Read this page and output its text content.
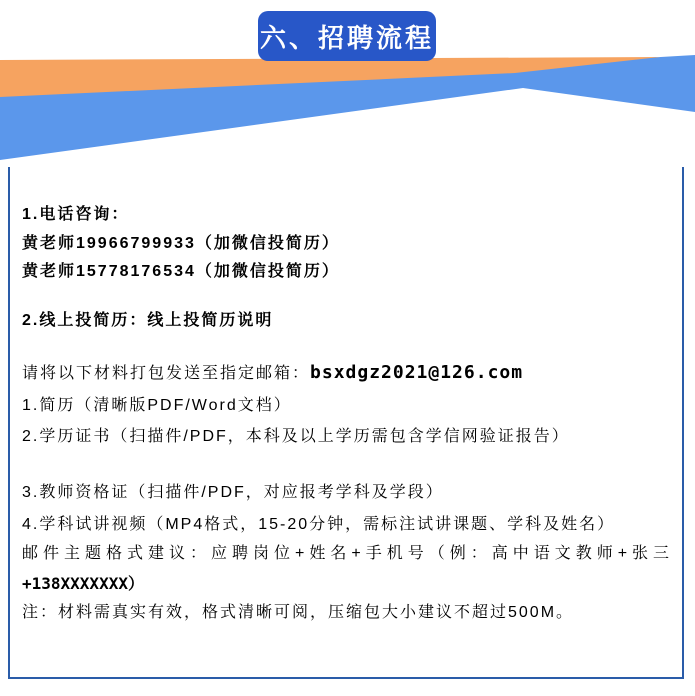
六、招聘流程
1.电话咨询：
黄老师19966799933（加微信投简历）
黄老师15778176534（加微信投简历）
2.线上投简历：线上投简历说明
请将以下材料打包发送至指定邮箱：bsxdgz2021@126.com
1.简历（清晰版PDF/Word文档）
2.学历证书（扫描件/PDF，本科及以上学历需包含学信网验证报告）
3.教师资格证（扫描件/PDF，对应报考学科及学段）
4.学科试讲视频（MP4格式，15-20分钟，需标注试讲课题、学科及姓名）
邮件主题格式建议：应聘岗位+姓名+手机号（例：高中语文教师+张三
+138XXXXXXX）
注：材料需真实有效，格式清晰可阅，压缩包大小建议不超过500M。
